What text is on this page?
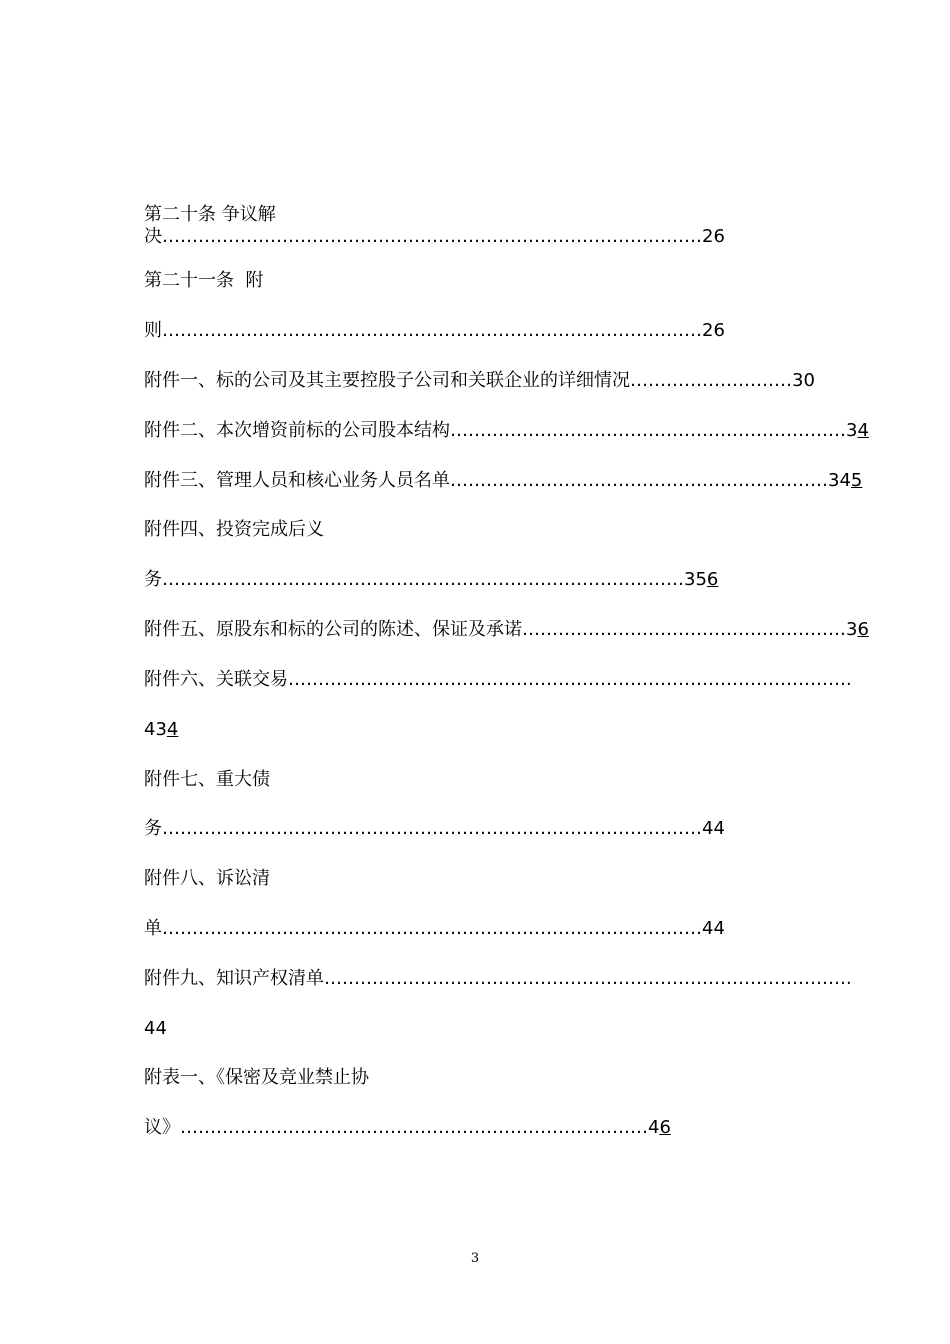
第二十条 争议解
决………………………………………………………………………………26
第二十一条  附
则………………………………………………………………………………26
附件一、标的公司及其主要控股子公司和关联企业的详细情况………………………30
附件二、本次增资前标的公司股本结构…………………………………………………………34
附件三、管理人员和核心业务人员名单………………………………………………………345
附件四、投资完成后义
务……………………………………………………………………………356
附件五、原股东和标的公司的陈述、保证及承诺………………………………………………36
附件六、关联交易………………………………………………………………………………….
434
附件七、重大债
务………………………………………………………………………………44
附件八、诉讼清
单………………………………………………………………………………44
附件九、知识产权清单…………………………………………………………………………….
44
附表一、《保密及竞业禁止协
议》……………………………………………………………………46
3
